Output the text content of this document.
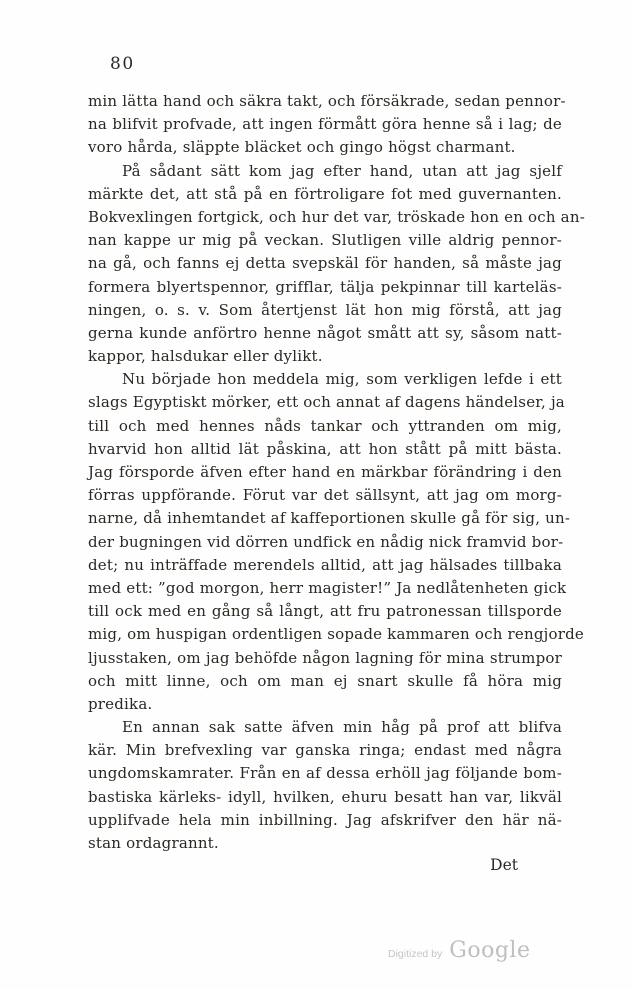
80
min lätta hand och säkra takt, och försäkrade, sedan pennor-
na blifvit profvade, att ingen förmått göra henne så i lag; de
voro hårda, släppte bläcket och gingo högst charmant.
På sådant sätt kom jag efter hand, utan att jag sjelf
märkte det, att stå på en förtroligare fot med guvernanten.
Bokvexlingen fortgick, och hur det var, tröskade hon en och an-
nan kappe ur mig på veckan. Slutligen ville aldrig pennor-
na gå, och fanns ej detta svepskäl för handen, så måste jag
formera blyertspennor, grifflar, tälja pekpinnar till karteläs-
ningen, o. s. v. Som återtjenst lät hon mig förstå, att jag
gerna kunde anförtro henne något smått att sy, såsom natt-
kappor, halsdukar eller dylikt.
Nu började hon meddela mig, som verkligen lefde i ett
slags Egyptiskt mörker, ett och annat af dagens händelser, ja
till och med hennes nåds tankar och yttranden om mig,
hvarvid hon alltid lät påskina, att hon stått på mitt bästa.
Jag försporde äfven efter hand en märkbar förändring i den
förras uppförande. Förut var det sällsynt, att jag om morg-
narne, då inhemtandet af kaffeportionen skulle gå för sig, un-
der bugningen vid dörren undfick en nådig nick framvid bor-
det; nu inträffade merendels alltid, att jag hälsades tillbaka
med ett: ”god morgon, herr magister!” Ja nedlåtenheten gick
till ock med en gång så långt, att fru patronessan tillsporde
mig, om huspigan ordentligen sopade kammaren och rengjorde
ljusstaken, om jag behöfde någon lagning för mina strumpor
och mitt linne, och om man ej snart skulle få höra mig
predika.
En annan sak satte äfven min håg på prof att blifva
kär. Min brefvexling var ganska ringa; endast med några
ungdomskamrater. Från en af dessa erhöll jag följande bom-
bastiska kärleks- idyll, hvilken, ehuru besatt han var, likväl
upplifvade hela min inbillning. Jag afskrifver den här nä-
stan ordagrannt.
Det
Digitized by Google
